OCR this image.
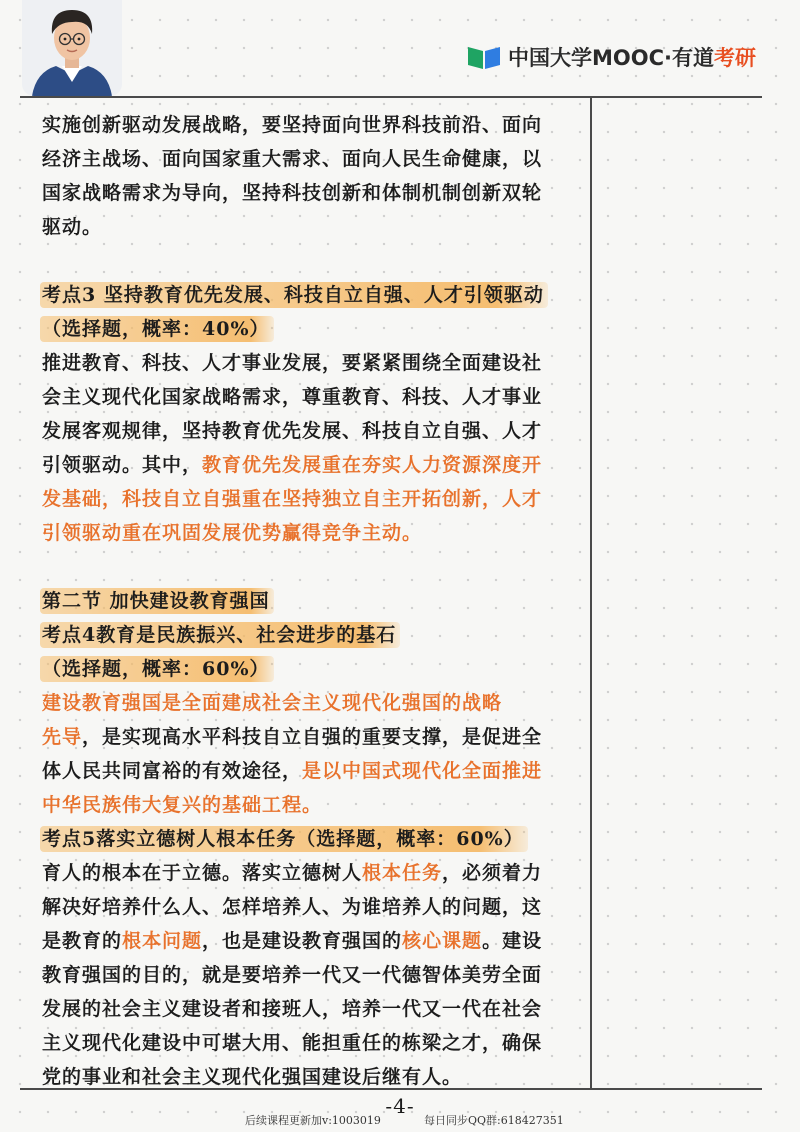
中国大学MOOC·有道考研
实施创新驱动发展战略，要坚持面向世界科技前沿、面向
经济主战场、面向国家重大需求、面向人民生命健康，以
国家战略需求为导向，坚持科技创新和体制机制创新双轮
驱动。
考点3 坚持教育优先发展、科技自立自强、人才引领驱动
（选择题，概率：40%）
推进教育、科技、人才事业发展，要紧紧围绕全面建设社
会主义现代化国家战略需求，尊重教育、科技、人才事业
发展客观规律，坚持教育优先发展、科技自立自强、人才
引领驱动。其中，教育优先发展重在夯实人力资源深度开
发基础，科技自立自强重在坚持独立自主开拓创新，人才
引领驱动重在巩固发展优势赢得竞争主动。
第二节 加快建设教育强国
考点4教育是民族振兴、社会进步的基石
（选择题，概率：60%）
建设教育强国是全面建成社会主义现代化强国的战略
先导，是实现高水平科技自立自强的重要支撑，是促进全
体人民共同富裕的有效途径，是以中国式现代化全面推进
中华民族伟大复兴的基础工程。
考点5落实立德树人根本任务（选择题，概率：60%）
育人的根本在于立德。落实立德树人根本任务，必须着力
解决好培养什么人、怎样培养人、为谁培养人的问题，这
是教育的根本问题，也是建设教育强国的核心课题。建设
教育强国的目的，就是要培养一代又一代德智体美劳全面
发展的社会主义建设者和接班人，培养一代又一代在社会
主义现代化建设中可堪大用、能担重任的栋梁之才，确保
党的事业和社会主义现代化强国建设后继有人。
-4-
后续课程更新加v:1003019	每日同步QQ群:618427351
